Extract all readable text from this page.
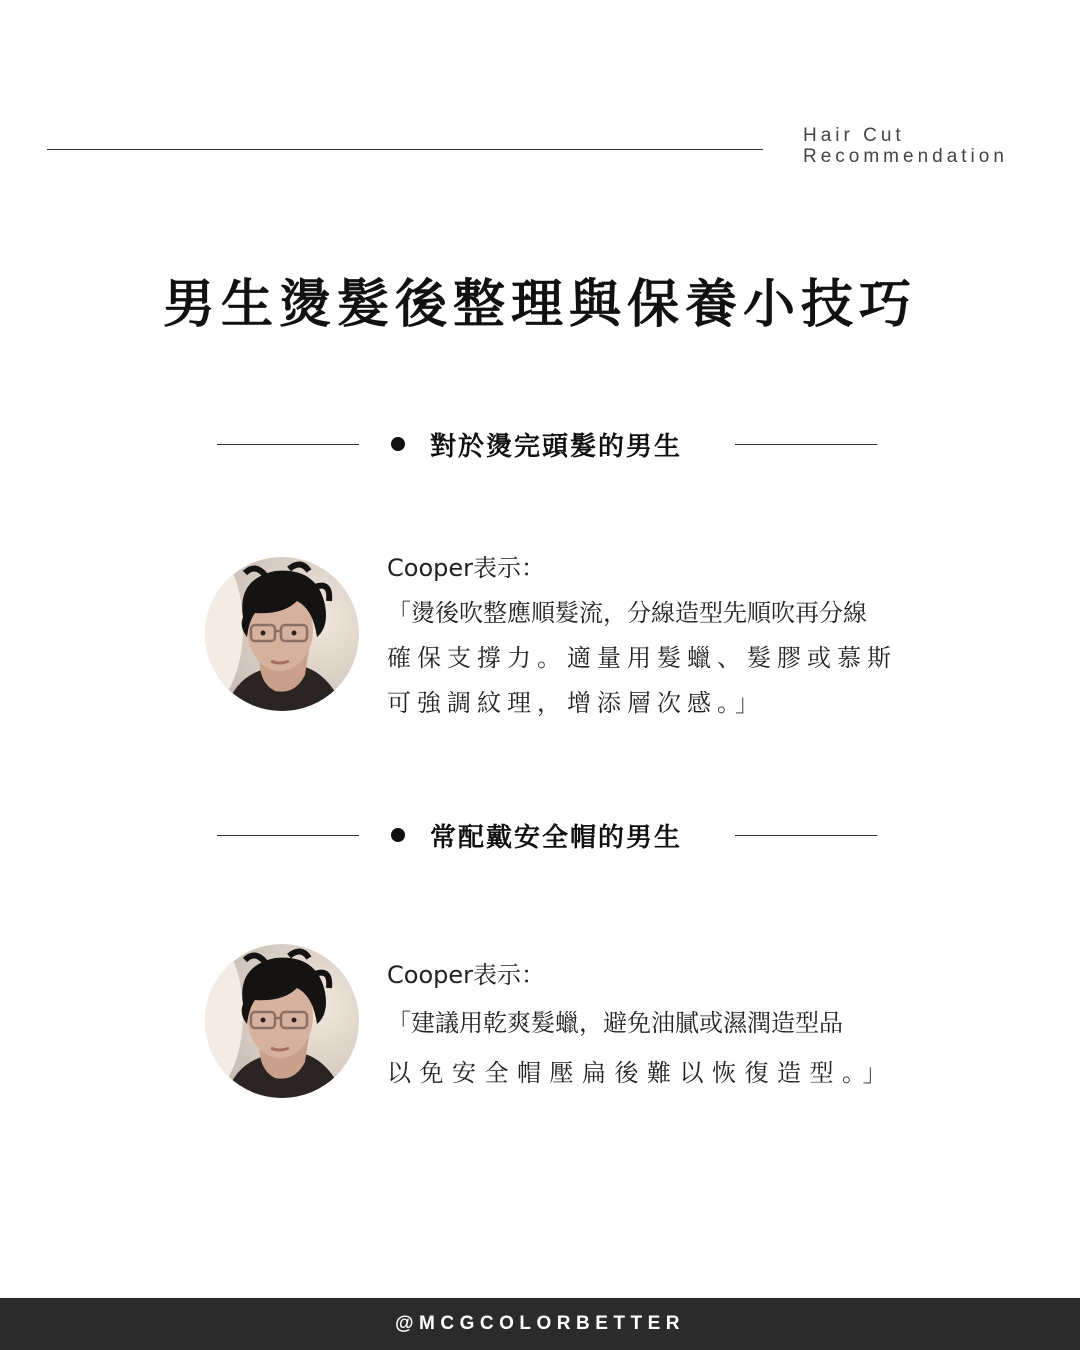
Hair Cut
Recommendation
男生燙髮後整理與保養小技巧
對於燙完頭髮的男生
Cooper表示：
「燙後吹整應順髮流，分線造型先順吹再分線
確保支撐力。適量用髮蠟、髮膠或慕斯
可強調紋理，增添層次感。」
常配戴安全帽的男生
Cooper表示：
「建議用乾爽髮蠟，避免油膩或濕潤造型品
以免安全帽壓扁後難以恢復造型。」
@MCGCOLORBETTER
